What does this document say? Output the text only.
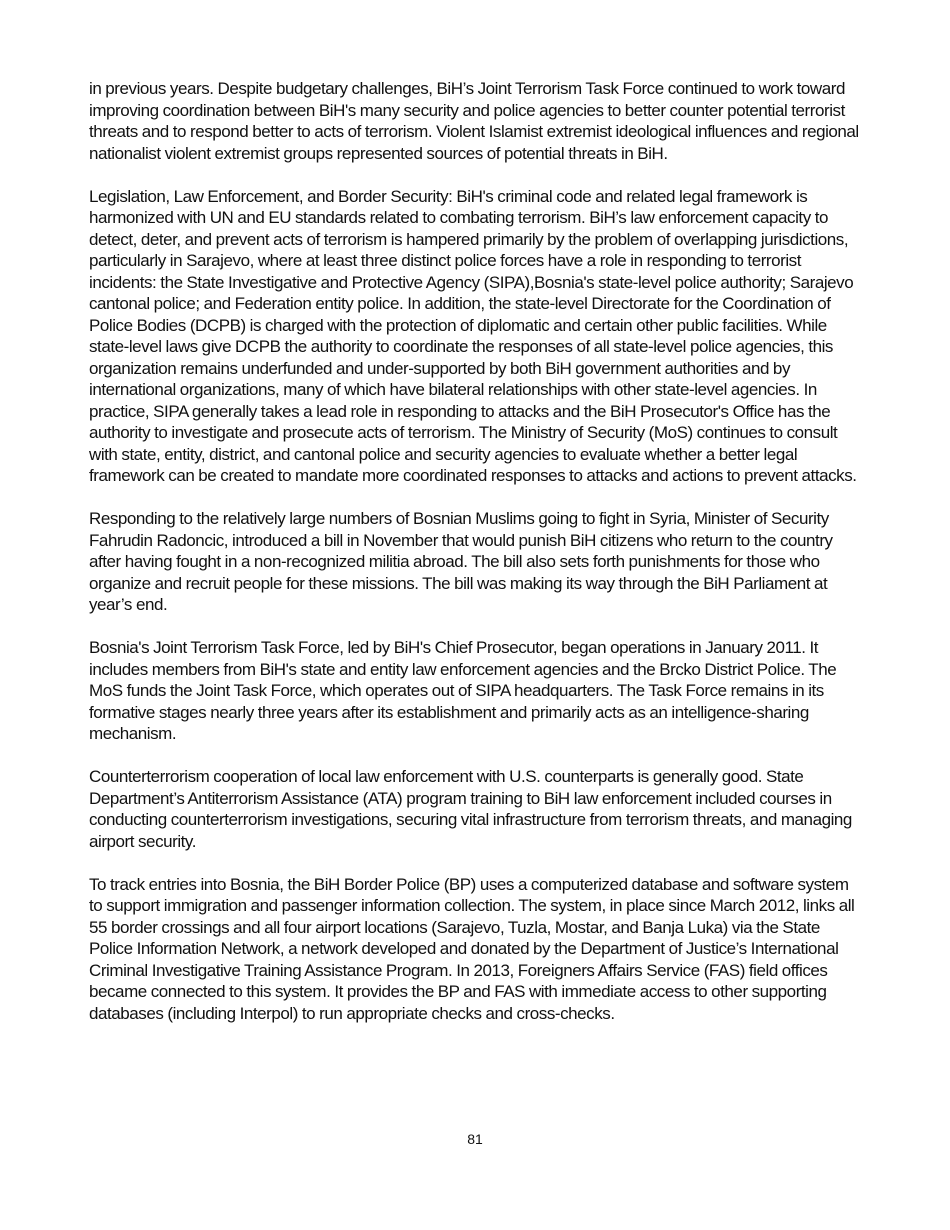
in previous years. Despite budgetary challenges, BiH’s Joint Terrorism Task Force continued to work toward improving coordination between BiH's many security and police agencies to better counter potential terrorist threats and to respond better to acts of terrorism. Violent Islamist extremist ideological influences and regional nationalist violent extremist groups represented sources of potential threats in BiH.

Legislation, Law Enforcement, and Border Security: BiH's criminal code and related legal framework is harmonized with UN and EU standards related to combating terrorism. BiH’s law enforcement capacity to detect, deter, and prevent acts of terrorism is hampered primarily by the problem of overlapping jurisdictions, particularly in Sarajevo, where at least three distinct police forces have a role in responding to terrorist incidents: the State Investigative and Protective Agency (SIPA),Bosnia's state-level police authority; Sarajevo cantonal police; and Federation entity police. In addition, the state-level Directorate for the Coordination of Police Bodies (DCPB) is charged with the protection of diplomatic and certain other public facilities. While state-level laws give DCPB the authority to coordinate the responses of all state-level police agencies, this organization remains underfunded and under-supported by both BiH government authorities and by international organizations, many of which have bilateral relationships with other state-level agencies. In practice, SIPA generally takes a lead role in responding to attacks and the BiH Prosecutor's Office has the authority to investigate and prosecute acts of terrorism. The Ministry of Security (MoS) continues to consult with state, entity, district, and cantonal police and security agencies to evaluate whether a better legal framework can be created to mandate more coordinated responses to attacks and actions to prevent attacks.

Responding to the relatively large numbers of Bosnian Muslims going to fight in Syria, Minister of Security Fahrudin Radoncic, introduced a bill in November that would punish BiH citizens who return to the country after having fought in a non-recognized militia abroad. The bill also sets forth punishments for those who organize and recruit people for these missions. The bill was making its way through the BiH Parliament at year’s end.

Bosnia's Joint Terrorism Task Force, led by BiH's Chief Prosecutor, began operations in January 2011. It includes members from BiH's state and entity law enforcement agencies and the Brcko District Police. The MoS funds the Joint Task Force, which operates out of SIPA headquarters. The Task Force remains in its formative stages nearly three years after its establishment and primarily acts as an intelligence-sharing mechanism.

Counterterrorism cooperation of local law enforcement with U.S. counterparts is generally good. State Department’s Antiterrorism Assistance (ATA) program training to BiH law enforcement included courses in conducting counterterrorism investigations, securing vital infrastructure from terrorism threats, and managing airport security.

To track entries into Bosnia, the BiH Border Police (BP) uses a computerized database and software system to support immigration and passenger information collection. The system, in place since March 2012, links all 55 border crossings and all four airport locations (Sarajevo, Tuzla, Mostar, and Banja Luka) via the State Police Information Network, a network developed and donated by the Department of Justice’s International Criminal Investigative Training Assistance Program. In 2013, Foreigners Affairs Service (FAS) field offices became connected to this system. It provides the BP and FAS with immediate access to other supporting databases (including Interpol) to run appropriate checks and cross-checks.

81
